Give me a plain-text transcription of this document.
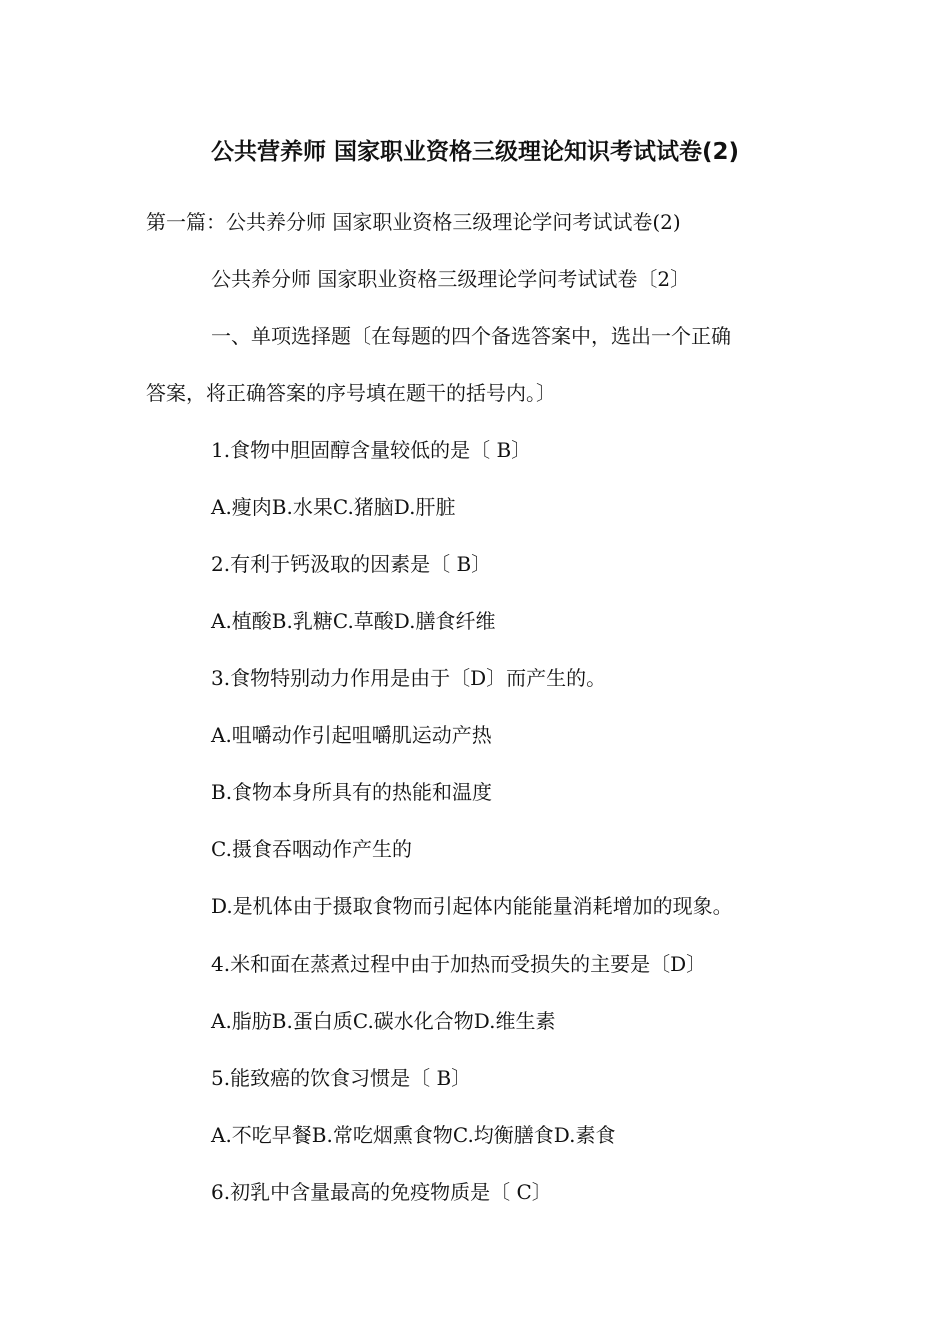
公共营养师 国家职业资格三级理论知识考试试卷(2)
第一篇：公共养分师 国家职业资格三级理论学问考试试卷(2)
公共养分师 国家职业资格三级理论学问考试试卷〔2〕
一、单项选择题〔在每题的四个备选答案中，选出一个正确
答案，将正确答案的序号填在题干的括号内。〕
1.食物中胆固醇含量较低的是〔 B〕
A.瘦肉B.水果C.猪脑D.肝脏
2.有利于钙汲取的因素是〔 B〕
A.植酸B.乳糖C.草酸D.膳食纤维
3.食物特别动力作用是由于〔D〕而产生的。
A.咀嚼动作引起咀嚼肌运动产热
B.食物本身所具有的热能和温度
C.摄食吞咽动作产生的
D.是机体由于摄取食物而引起体内能能量消耗增加的现象。
4.米和面在蒸煮过程中由于加热而受损失的主要是〔D〕
A.脂肪B.蛋白质C.碳水化合物D.维生素
5.能致癌的饮食习惯是〔 B〕
A.不吃早餐B.常吃烟熏食物C.均衡膳食D.素食
6.初乳中含量最高的免疫物质是〔 C〕
